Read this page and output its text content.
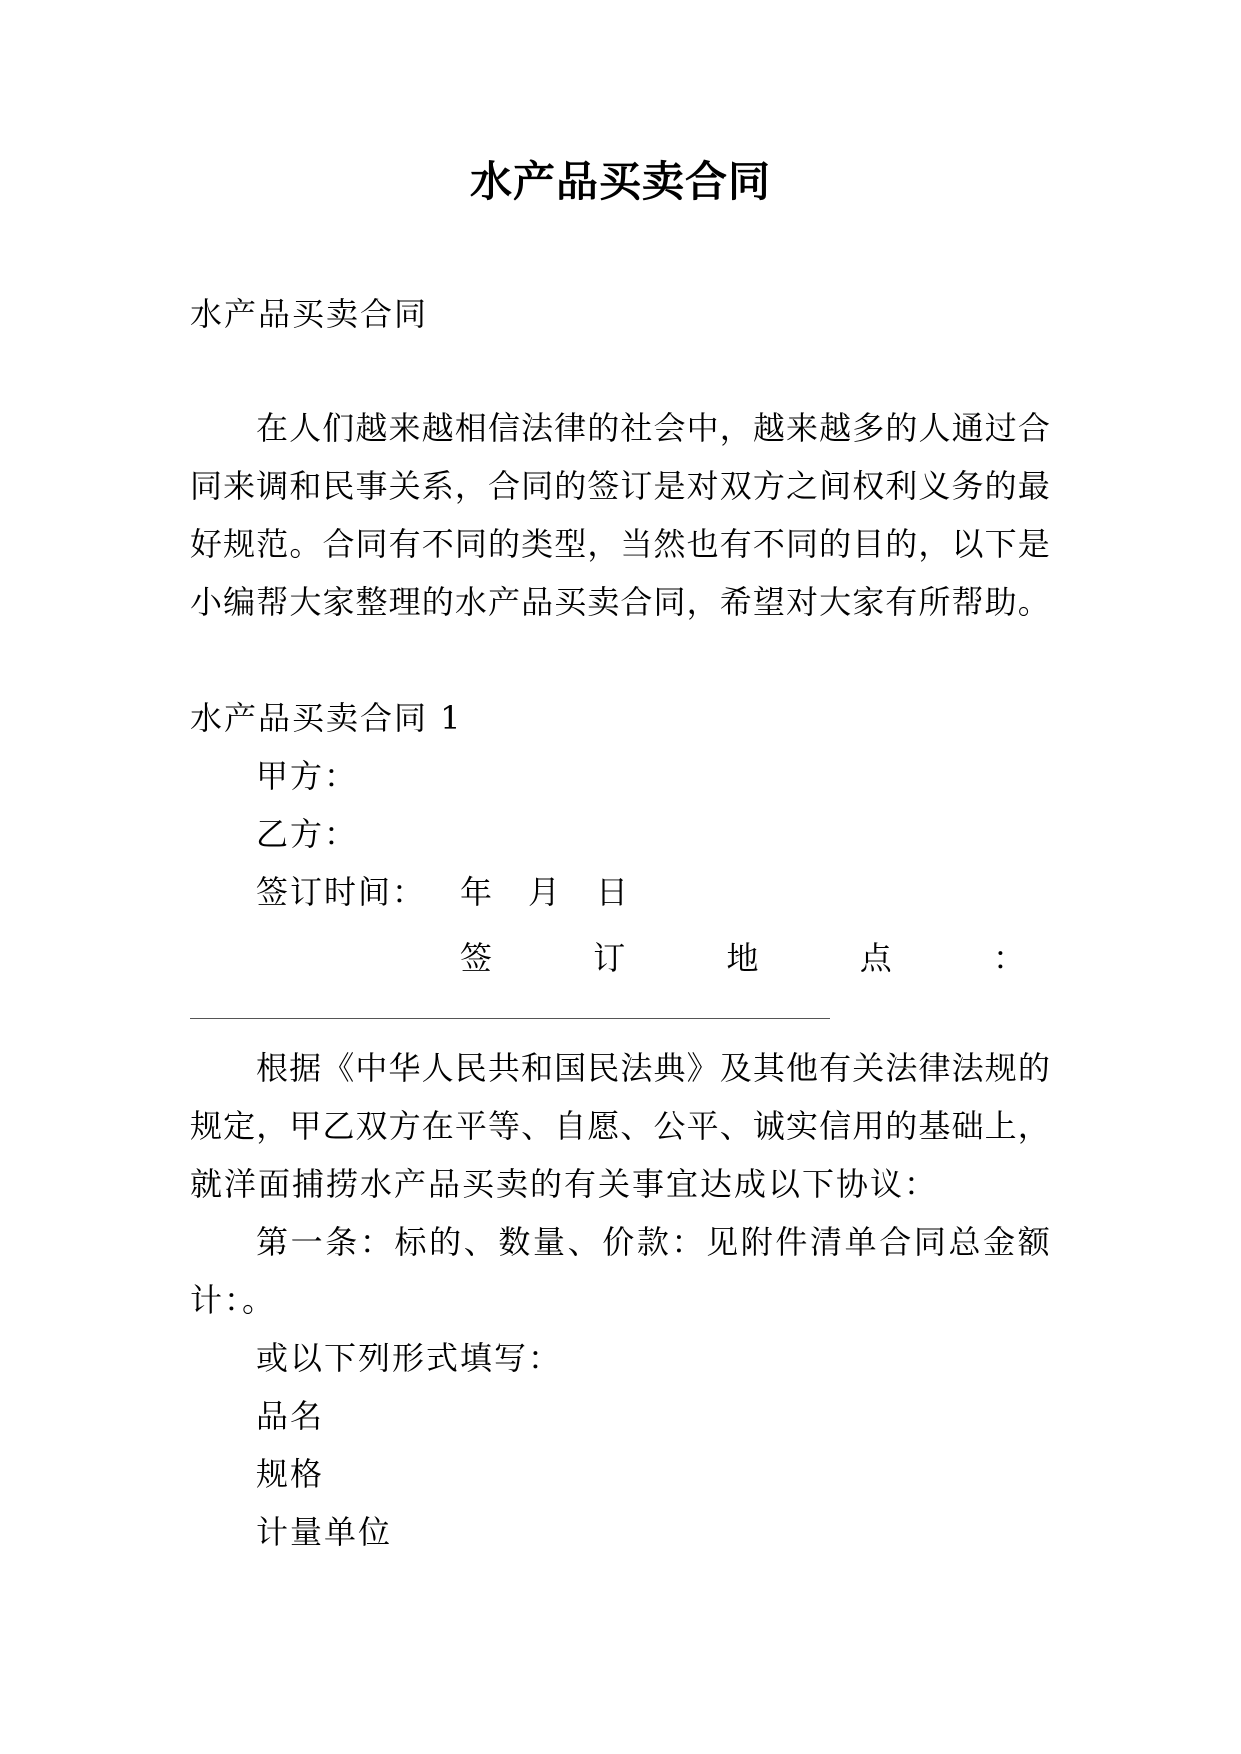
水产品买卖合同
水产品买卖合同
在 人 们 越 来 越 相 信 法 律 的 社 会 中 ， 越 来 越 多 的 人 通 过 合
同 来 调 和 民 事 关 系 ， 合 同 的 签 订 是 对 双 方 之 间 权 利 义 务 的 最
好 规 范 。 合 同 有 不 同 的 类 型 ， 当 然 也 有 不 同 的 目 的 ， 以 下 是
小 编 帮 大 家 整 理 的 水 产 品 买 卖 合 同 ， 希 望 对 大 家 有 所 帮 助 。
水产品买卖合同 1
甲方：
乙方：
签订时间： 年 月 日
签	订	地	点	：
根 据 《 中 华 人 民 共 和 国 民 法 典 》 及 其 他 有 关 法 律 法 规 的
规 定 ， 甲 乙 双 方 在 平 等 、 自 愿 、 公 平 、 诚 实 信 用 的 基 础 上 ，
就洋面捕捞水产品买卖的有关事宜达成以下协议：
第 一 条 ： 标 的 、 数 量 、 价 款 ： 见 附 件 清 单 合 同 总 金 额
计：。
或以下列形式填写：
品名
规格
计量单位
